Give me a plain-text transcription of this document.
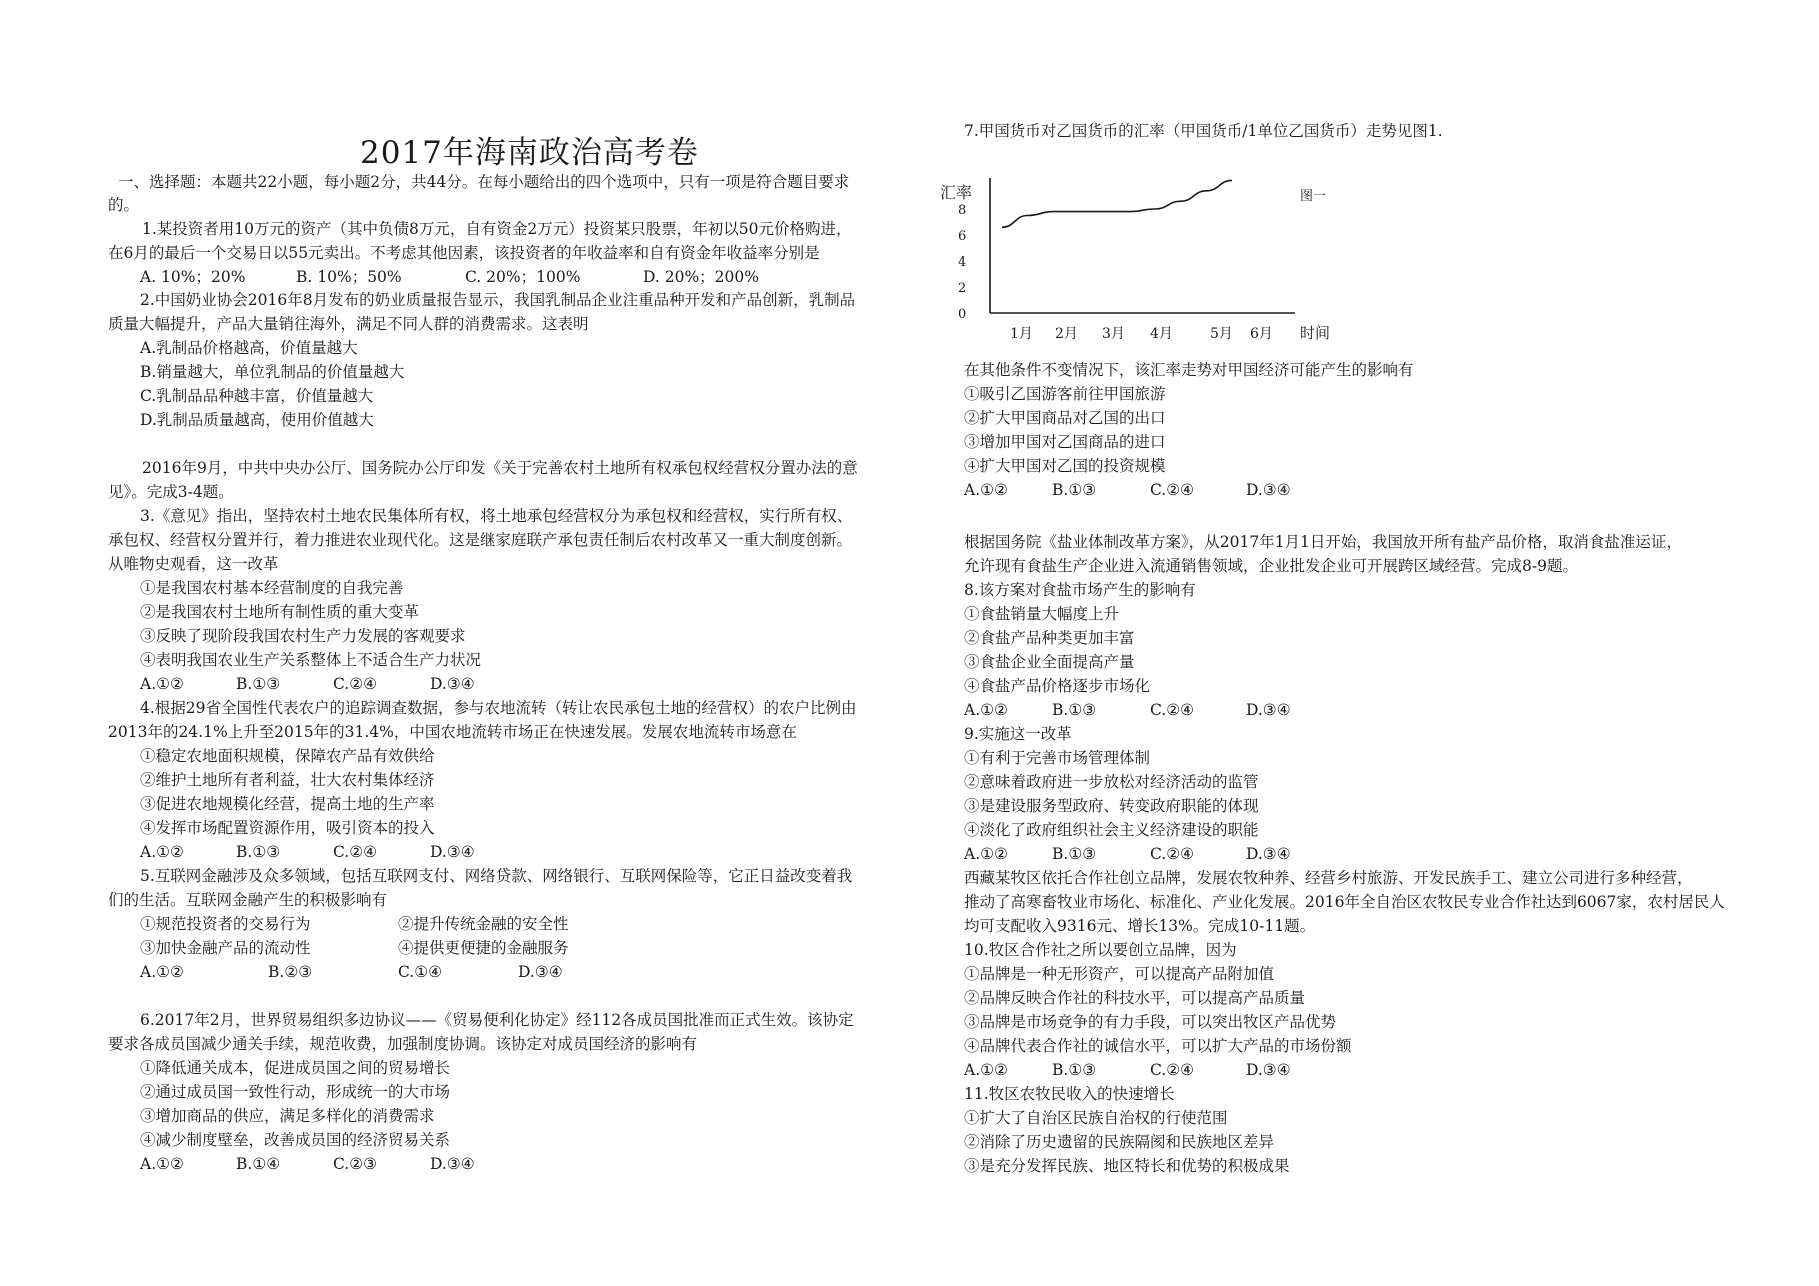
2017年海南政治高考卷
一、选择题：本题共22小题，每小题2分，共44分。在每小题给出的四个选项中，只有一项是符合题目要求
的。
1.某投资者用10万元的资产（其中负债8万元，自有资金2万元）投资某只股票，年初以50元价格购进，
在6月的最后一个交易日以55元卖出。不考虑其他因素，该投资者的年收益率和自有资金年收益率分别是
A. 10%；20%	B. 10%；50%	C. 20%；100%	D. 20%；200%
2.中国奶业协会2016年8月发布的奶业质量报告显示，我国乳制品企业注重品种开发和产品创新，乳制品
质量大幅提升，产品大量销往海外，满足不同人群的消费需求。这表明
A.乳制品价格越高，价值量越大
B.销量越大，单位乳制品的价值量越大
C.乳制品品种越丰富，价值量越大
D.乳制品质量越高，使用价值越大
2016年9月，中共中央办公厅、国务院办公厅印发《关于完善农村土地所有权承包权经营权分置办法的意
见》。完成3-4题。
3.《意见》指出，坚持农村土地农民集体所有权，将土地承包经营权分为承包权和经营权，实行所有权、
承包权、经营权分置并行，着力推进农业现代化。这是继家庭联产承包责任制后农村改革又一重大制度创新。
从唯物史观看，这一改革
①是我国农村基本经营制度的自我完善
②是我国农村土地所有制性质的重大变革
③反映了现阶段我国农村生产力发展的客观要求
④表明我国农业生产关系整体上不适合生产力状况
A.①②	B.①③	C.②④	D.③④
4.根据29省全国性代表农户的追踪调查数据，参与农地流转（转让农民承包土地的经营权）的农户比例由
2013年的24.1%上升至2015年的31.4%，中国农地流转市场正在快速发展。发展农地流转市场意在
①稳定农地面积规模，保障农产品有效供给
②维护土地所有者利益，壮大农村集体经济
③促进农地规模化经营，提高土地的生产率
④发挥市场配置资源作用，吸引资本的投入
A.①②	B.①③	C.②④	D.③④
5.互联网金融涉及众多领域，包括互联网支付、网络贷款、网络银行、互联网保险等，它正日益改变着我
们的生活。互联网金融产生的积极影响有
①规范投资者的交易行为	②提升传统金融的安全性
③加快金融产品的流动性	④提供更便捷的金融服务
A.①②	B.②③	C.①④	D.③④
6.2017年2月，世界贸易组织多边协议——《贸易便利化协定》经112各成员国批准而正式生效。该协定
要求各成员国减少通关手续，规范收费，加强制度协调。该协定对成员国经济的影响有
①降低通关成本，促进成员国之间的贸易增长
②通过成员国一致性行动，形成统一的大市场
③增加商品的供应，满足多样化的消费需求
④减少制度壁垒，改善成员国的经济贸易关系
A.①②	B.①④	C.②③	D.③④
7.甲国货币对乙国货币的汇率（甲国货币/1单位乙国货币）走势见图1.
汇率
时间
图一
0
2
4
6
8
1月 2月 3月 4月	5月 6月
在其他条件不变情况下，该汇率走势对甲国经济可能产生的影响有
①吸引乙国游客前往甲国旅游
②扩大甲国商品对乙国的出口
③增加甲国对乙国商品的进口
④扩大甲国对乙国的投资规模
A.①②	B.①③	C.②④	D.③④
根据国务院《盐业体制改革方案》，从2017年1月1日开始，我国放开所有盐产品价格，取消食盐准运证，
允许现有食盐生产企业进入流通销售领域，企业批发企业可开展跨区域经营。完成8-9题。
8.该方案对食盐市场产生的影响有
①食盐销量大幅度上升
②食盐产品种类更加丰富
③食盐企业全面提高产量
④食盐产品价格逐步市场化
A.①②	B.①③	C.②④	D.③④
9.实施这一改革
①有利于完善市场管理体制
②意味着政府进一步放松对经济活动的监管
③是建设服务型政府、转变政府职能的体现
④淡化了政府组织社会主义经济建设的职能
A.①②	B.①③	C.②④	D.③④
西藏某牧区依托合作社创立品牌，发展农牧种养、经营乡村旅游、开发民族手工、建立公司进行多种经营，
推动了高寒畜牧业市场化、标准化、产业化发展。2016年全自治区农牧民专业合作社达到6067家，农村居民人
均可支配收入9316元、增长13%。完成10-11题。
10.牧区合作社之所以要创立品牌，因为
①品牌是一种无形资产，可以提高产品附加值
②品牌反映合作社的科技水平，可以提高产品质量
③品牌是市场竞争的有力手段，可以突出牧区产品优势
④品牌代表合作社的诚信水平，可以扩大产品的市场份额
A.①②	B.①③	C.②④	D.③④
11.牧区农牧民收入的快速增长
①扩大了自治区民族自治权的行使范围
②消除了历史遗留的民族隔阂和民族地区差异
③是充分发挥民族、地区特长和优势的积极成果
